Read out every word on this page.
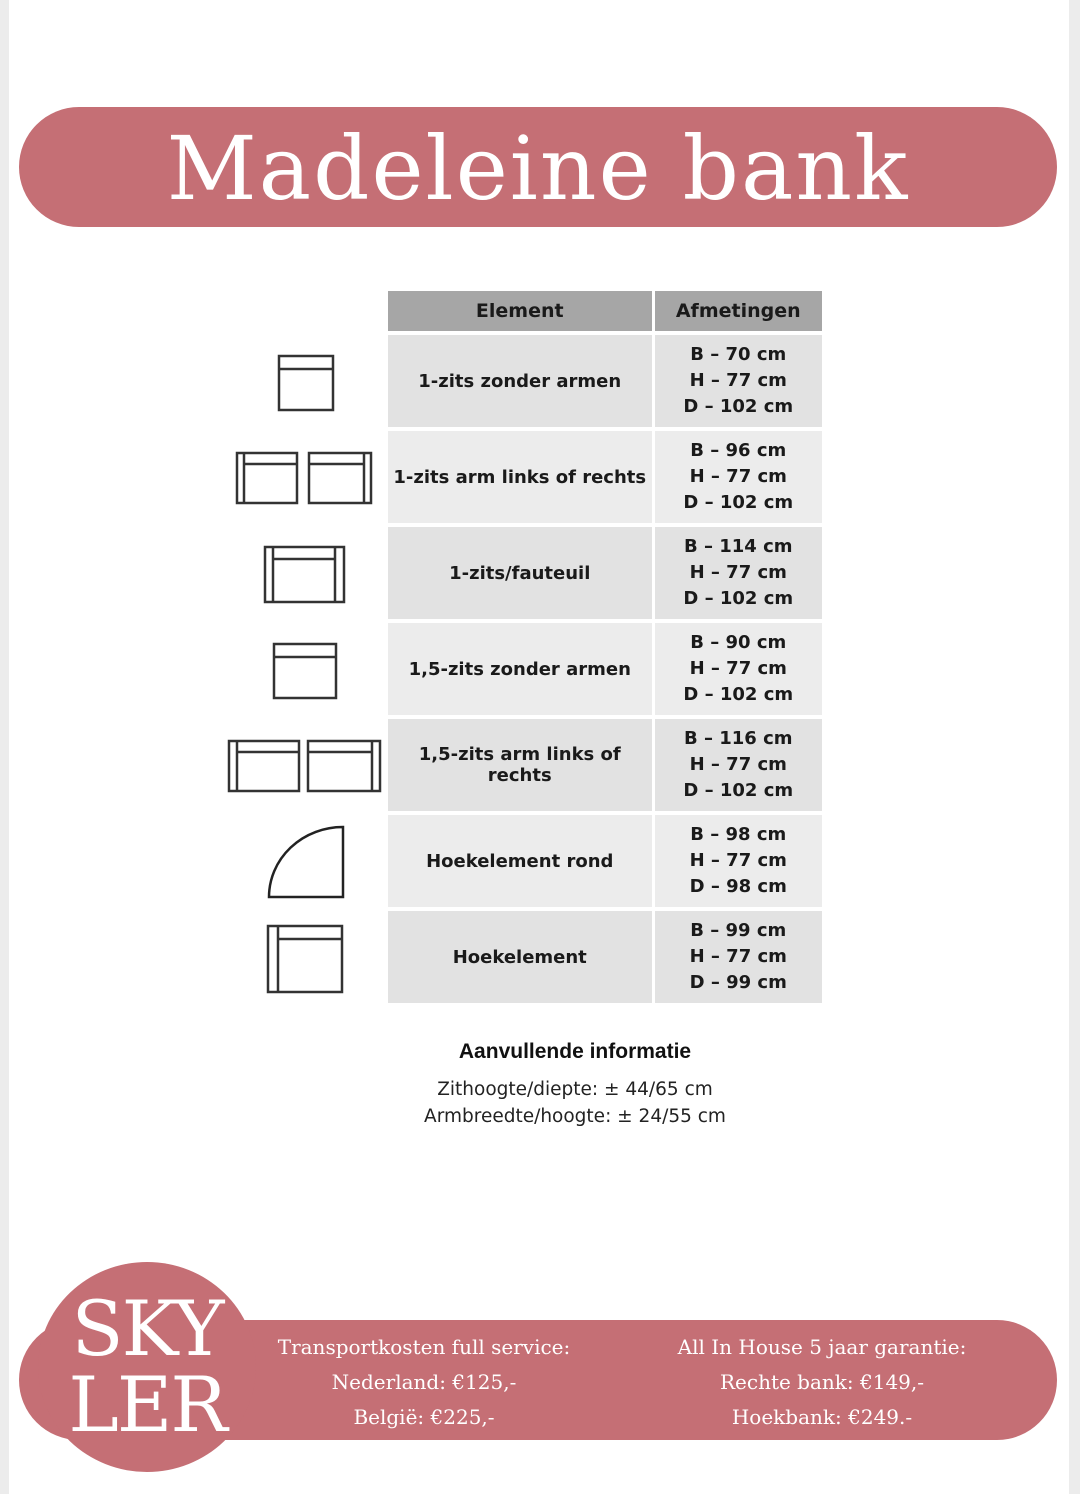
Madeleine bank
Element	Afmetingen
1-zits zonder armen	B – 70 cm
H – 77 cm
D – 102 cm

1-zits arm links of rechts	B – 96 cm
H – 77 cm
D – 102 cm

1-zits/fauteuil	B – 114 cm
H – 77 cm
D – 102 cm

1,5-zits zonder armen	B – 90 cm
H – 77 cm
D – 102 cm

1,5-zits arm links of rechts	B – 116 cm
H – 77 cm
D – 102 cm

Hoekelement rond	B – 98 cm
H – 77 cm
D – 98 cm

Hoekelement	B – 99 cm
H – 77 cm
D – 99 cm
Aanvullende informatie
Zithoogte/diepte: ± 44/65 cm
Armbreedte/hoogte: ± 24/55 cm
SKY
LER
Transportkosten full service:
Nederland: €125,-
België: €225,-
All In House 5 jaar garantie:
Rechte bank: €149,-
Hoekbank: €249.-
